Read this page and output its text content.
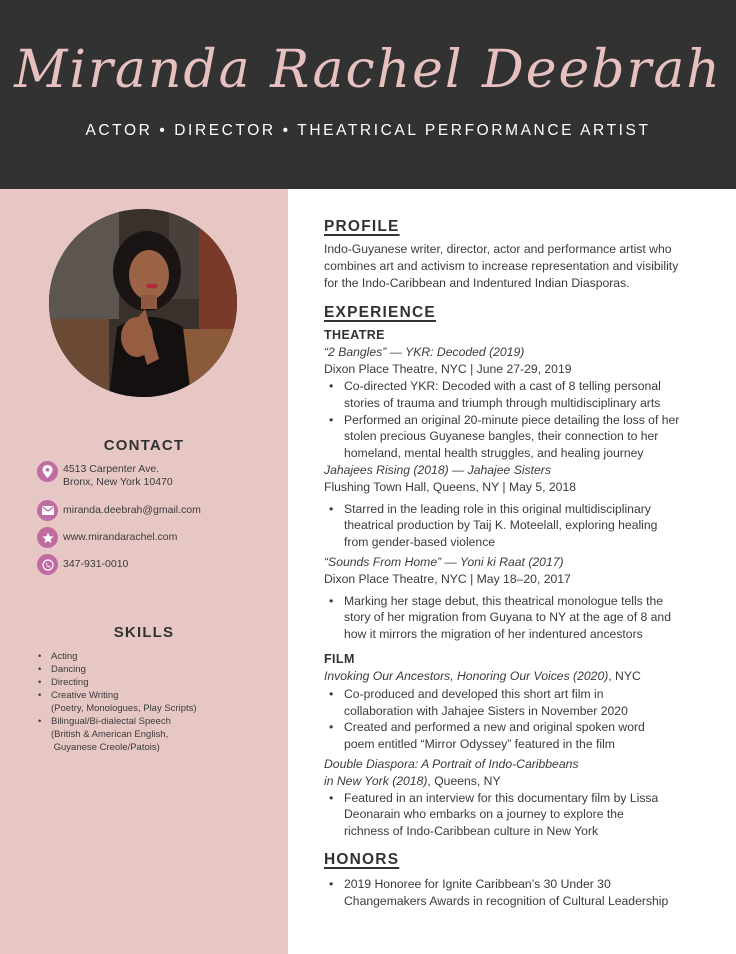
Miranda Rachel Deebrah
ACTOR • DIRECTOR • THEATRICAL PERFORMANCE ARTIST
CONTACT
4513 Carpenter Ave.
Bronx, New York 10470
miranda.deebrah@gmail.com
www.mirandarachel.com
347-931-0010
SKILLS
• Acting
• Dancing
• Directing
• Creative Writing
(Poetry, Monologues, Play Scripts)
• Bilingual/Bi-dialectal Speech
(British & American English,
Guyanese Creole/Patois)
PROFILE
Indo-Guyanese writer, director, actor and performance artist who
combines art and activism to increase representation and visibility
for the Indo-Caribbean and Indentured Indian Diasporas.
EXPERIENCE
THEATRE
“2 Bangles” — YKR: Decoded (2019)
Dixon Place Theatre, NYC | June 27-29, 2019
• Co-directed YKR: Decoded with a cast of 8 telling personal
stories of trauma and triumph through multidisciplinary arts
• Performed an original 20-minute piece detailing the loss of her
stolen precious Guyanese bangles, their connection to her
homeland, mental health struggles, and healing journey
Jahajees Rising (2018) — Jahajee Sisters
Flushing Town Hall, Queens, NY | May 5, 2018
• Starred in the leading role in this original multidisciplinary
theatrical production by Taij K. Moteelall, exploring healing
from gender-based violence
“Sounds From Home” — Yoni ki Raat (2017)
Dixon Place Theatre, NYC | May 18–20, 2017
• Marking her stage debut, this theatrical monologue tells the
story of her migration from Guyana to NY at the age of 8 and
how it mirrors the migration of her indentured ancestors
FILM
Invoking Our Ancestors, Honoring Our Voices (2020), NYC
• Co-produced and developed this short art film in
collaboration with Jahajee Sisters in November 2020
• Created and performed a new and original spoken word
poem entitled “Mirror Odyssey” featured in the film
Double Diaspora: A Portrait of Indo-Caribbeans
in New York (2018), Queens, NY
• Featured in an interview for this documentary film by Lissa
Deonarain who embarks on a journey to explore the
richness of Indo-Caribbean culture in New York
HONORS
• 2019 Honoree for Ignite Caribbean’s 30 Under 30
Changemakers Awards in recognition of Cultural Leadership
